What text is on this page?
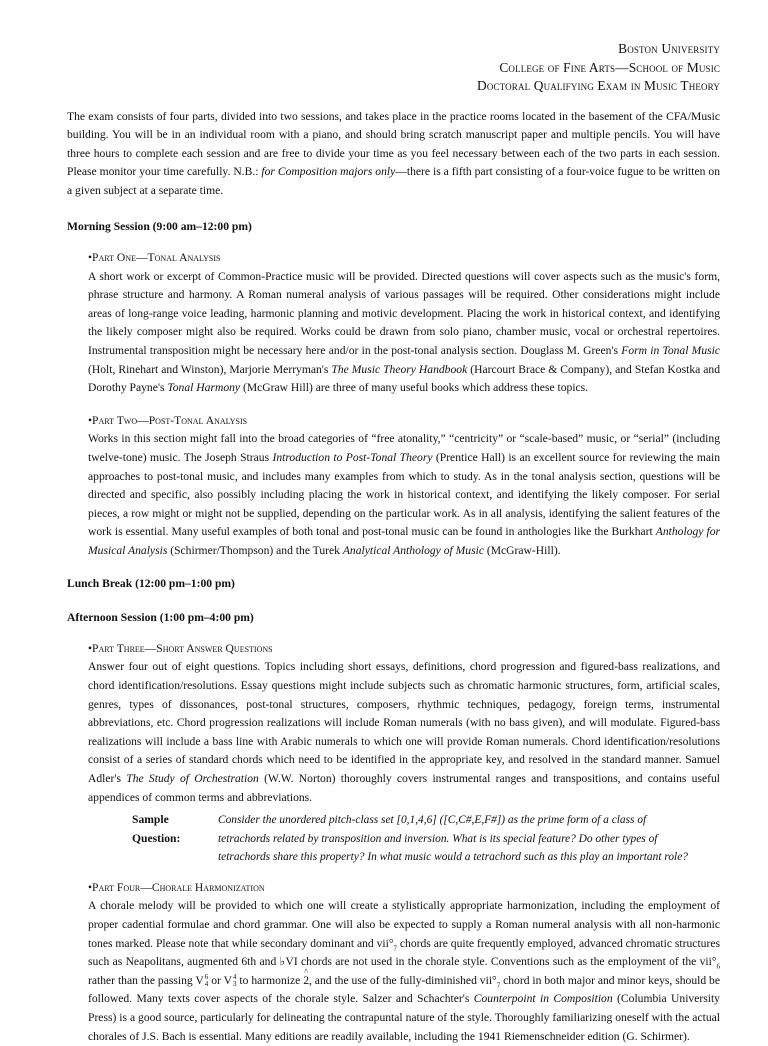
Boston University
College of Fine Arts—School of Music
Doctoral Qualifying Exam in Music Theory

The exam consists of four parts, divided into two sessions, and takes place in the practice rooms located in the basement of the CFA/Music building. You will be in an individual room with a piano, and should bring scratch manuscript paper and multiple pencils. You will have three hours to complete each session and are free to divide your time as you feel necessary between each of the two parts in each session. Please monitor your time carefully. N.B.: for Composition majors only—there is a fifth part consisting of a four-voice fugue to be written on a given subject at a separate time.

Morning Session (9:00 am–12:00 pm)
•Part One—Tonal Analysis

A short work or excerpt of Common-Practice music will be provided. Directed questions will cover aspects such as the music's form, phrase structure and harmony. A Roman numeral analysis of various passages will be required. Other considerations might include areas of long-range voice leading, harmonic planning and motivic development. Placing the work in historical context, and identifying the likely composer might also be required. Works could be drawn from solo piano, chamber music, vocal or orchestral repertoires. Instrumental transposition might be necessary here and/or in the post-tonal analysis section. Douglass M. Green's Form in Tonal Music (Holt, Rinehart and Winston), Marjorie Merryman's The Music Theory Handbook (Harcourt Brace & Company), and Stefan Kostka and Dorothy Payne's Tonal Harmony (McGraw Hill) are three of many useful books which address these topics.

•Part Two—Post-Tonal Analysis

Works in this section might fall into the broad categories of “free atonality,” “centricity” or “scale-based” music, or “serial” (including twelve-tone) music. The Joseph Straus Introduction to Post-Tonal Theory (Prentice Hall) is an excellent source for reviewing the main approaches to post-tonal music, and includes many examples from which to study. As in the tonal analysis section, questions will be directed and specific, also possibly including placing the work in historical context, and identifying the likely composer. For serial pieces, a row might or might not be supplied, depending on the particular work. As in all analysis, identifying the salient features of the work is essential. Many useful examples of both tonal and post-tonal music can be found in anthologies like the Burkhart Anthology for Musical Analysis (Schirmer/Thompson) and the Turek Analytical Anthology of Music (McGraw-Hill).

Lunch Break (12:00 pm–1:00 pm)
Afternoon Session (1:00 pm–4:00 pm)
•Part Three—Short Answer Questions

Answer four out of eight questions. Topics including short essays, definitions, chord progression and figured-bass realizations, and chord identification/resolutions. Essay questions might include subjects such as chromatic harmonic structures, form, artificial scales, genres, types of dissonances, post-tonal structures, composers, rhythmic techniques, pedagogy, foreign terms, instrumental abbreviations, etc. Chord progression realizations will include Roman numerals (with no bass given), and will modulate. Figured-bass realizations will include a bass line with Arabic numerals to which one will provide Roman numerals. Chord identification/resolutions consist of a series of standard chords which need to be identified in the appropriate key, and resolved in the standard manner. Samuel Adler's The Study of Orchestration (W.W. Norton) thoroughly covers instrumental ranges and transpositions, and contains useful appendices of common terms and abbreviations.

Sample Question:
Consider the unordered pitch-class set [0,1,4,6] ([C,C#,E,F#]) as the prime form of a class of tetrachords related by transposition and inversion. What is its special feature? Do other types of tetrachords share this property? In what music would a tetrachord such as this play an important role?
•Part Four—Chorale Harmonization

A chorale melody will be provided to which one will create a stylistically appropriate harmonization, including the employment of proper cadential formulae and chord grammar. One will also be expected to supply a Roman numeral analysis with all non-harmonic tones marked. Please note that while secondary dominant and $vii^\circ_7$ chords are quite frequently employed, advanced chromatic structures such as Neapolitans, augmented 6th and ♭VI chords are not used in the chorale style. Conventions such as the employment of the $vii^\circ_6$ rather than the passing V 6
4 or V 4
3 to harmonize
^
2, and the use of the fully-diminished $vii^\circ_7$ chord in both major and minor keys, should be followed. Many texts cover aspects of the chorale style. Salzer and Schachter's Counterpoint in Composition (Columbia University Press) is a good source, particularly for delineating the contrapuntal nature of the style. Thoroughly familiarizing oneself with the actual chorales of J.S. Bach is essential. Many editions are readily available, including the 1941 Riemenschneider edition (G. Schirmer).
